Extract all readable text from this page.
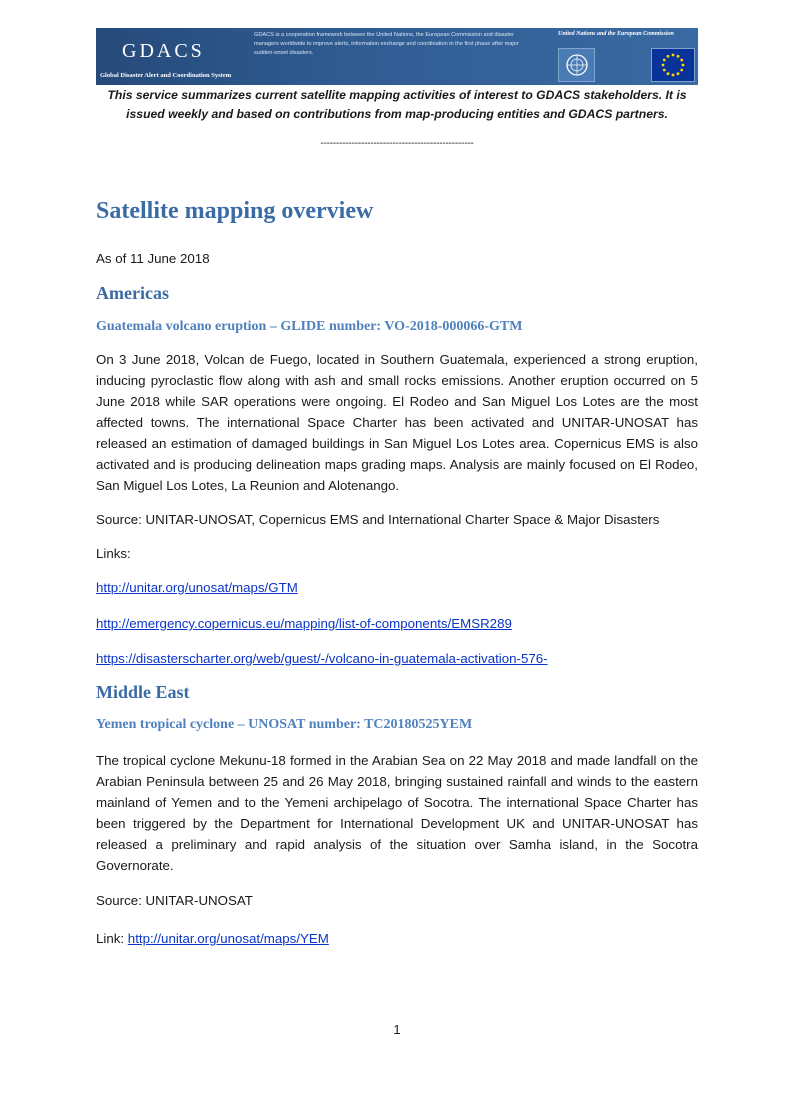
GDACS
Global Disaster Alert and Coordination System
GDACS is a cooperation framework between the United Nations, the European Commission and disaster managers worldwide to improve alerts, information exchange and coordination in the first phase after major sudden-onset disasters.
United Nations and the European Commission
This service summarizes current satellite mapping activities of interest to GDACS stakeholders. It is issued weekly and based on contributions from map-producing entities and GDACS partners.
-------------------------------------------------
Satellite mapping overview

As of 11 June 2018

Americas
Guatemala volcano eruption – GLIDE number: VO-2018-000066-GTM

On 3 June 2018, Volcan de Fuego, located in Southern Guatemala, experienced a strong eruption, inducing pyroclastic flow along with ash and small rocks emissions. Another eruption occurred on 5 June 2018 while SAR operations were ongoing. El Rodeo and San Miguel Los Lotes are the most affected towns. The international Space Charter has been activated and UNITAR-UNOSAT has released an estimation of damaged buildings in San Miguel Los Lotes area. Copernicus EMS is also activated and is producing delineation maps grading maps. Analysis are mainly focused on El Rodeo, San Miguel Los Lotes, La Reunion and Alotenango.

Source: UNITAR-UNOSAT, Copernicus EMS and International Charter Space & Major Disasters

Links:

http://unitar.org/unosat/maps/GTM

http://emergency.copernicus.eu/mapping/list-of-components/EMSR289

https://disasterscharter.org/web/guest/-/volcano-in-guatemala-activation-576-

Middle East
Yemen tropical cyclone – UNOSAT number: TC20180525YEM

The tropical cyclone Mekunu-18 formed in the Arabian Sea on 22 May 2018 and made landfall on the Arabian Peninsula between 25 and 26 May 2018, bringing sustained rainfall and winds to the eastern mainland of Yemen and to the Yemeni archipelago of Socotra. The international Space Charter has been triggered by the Department for International Development UK and UNITAR-UNOSAT has released a preliminary and rapid analysis of the situation over Samha island, in the Socotra Governorate.

Source: UNITAR-UNOSAT

Link: http://unitar.org/unosat/maps/YEM

1
